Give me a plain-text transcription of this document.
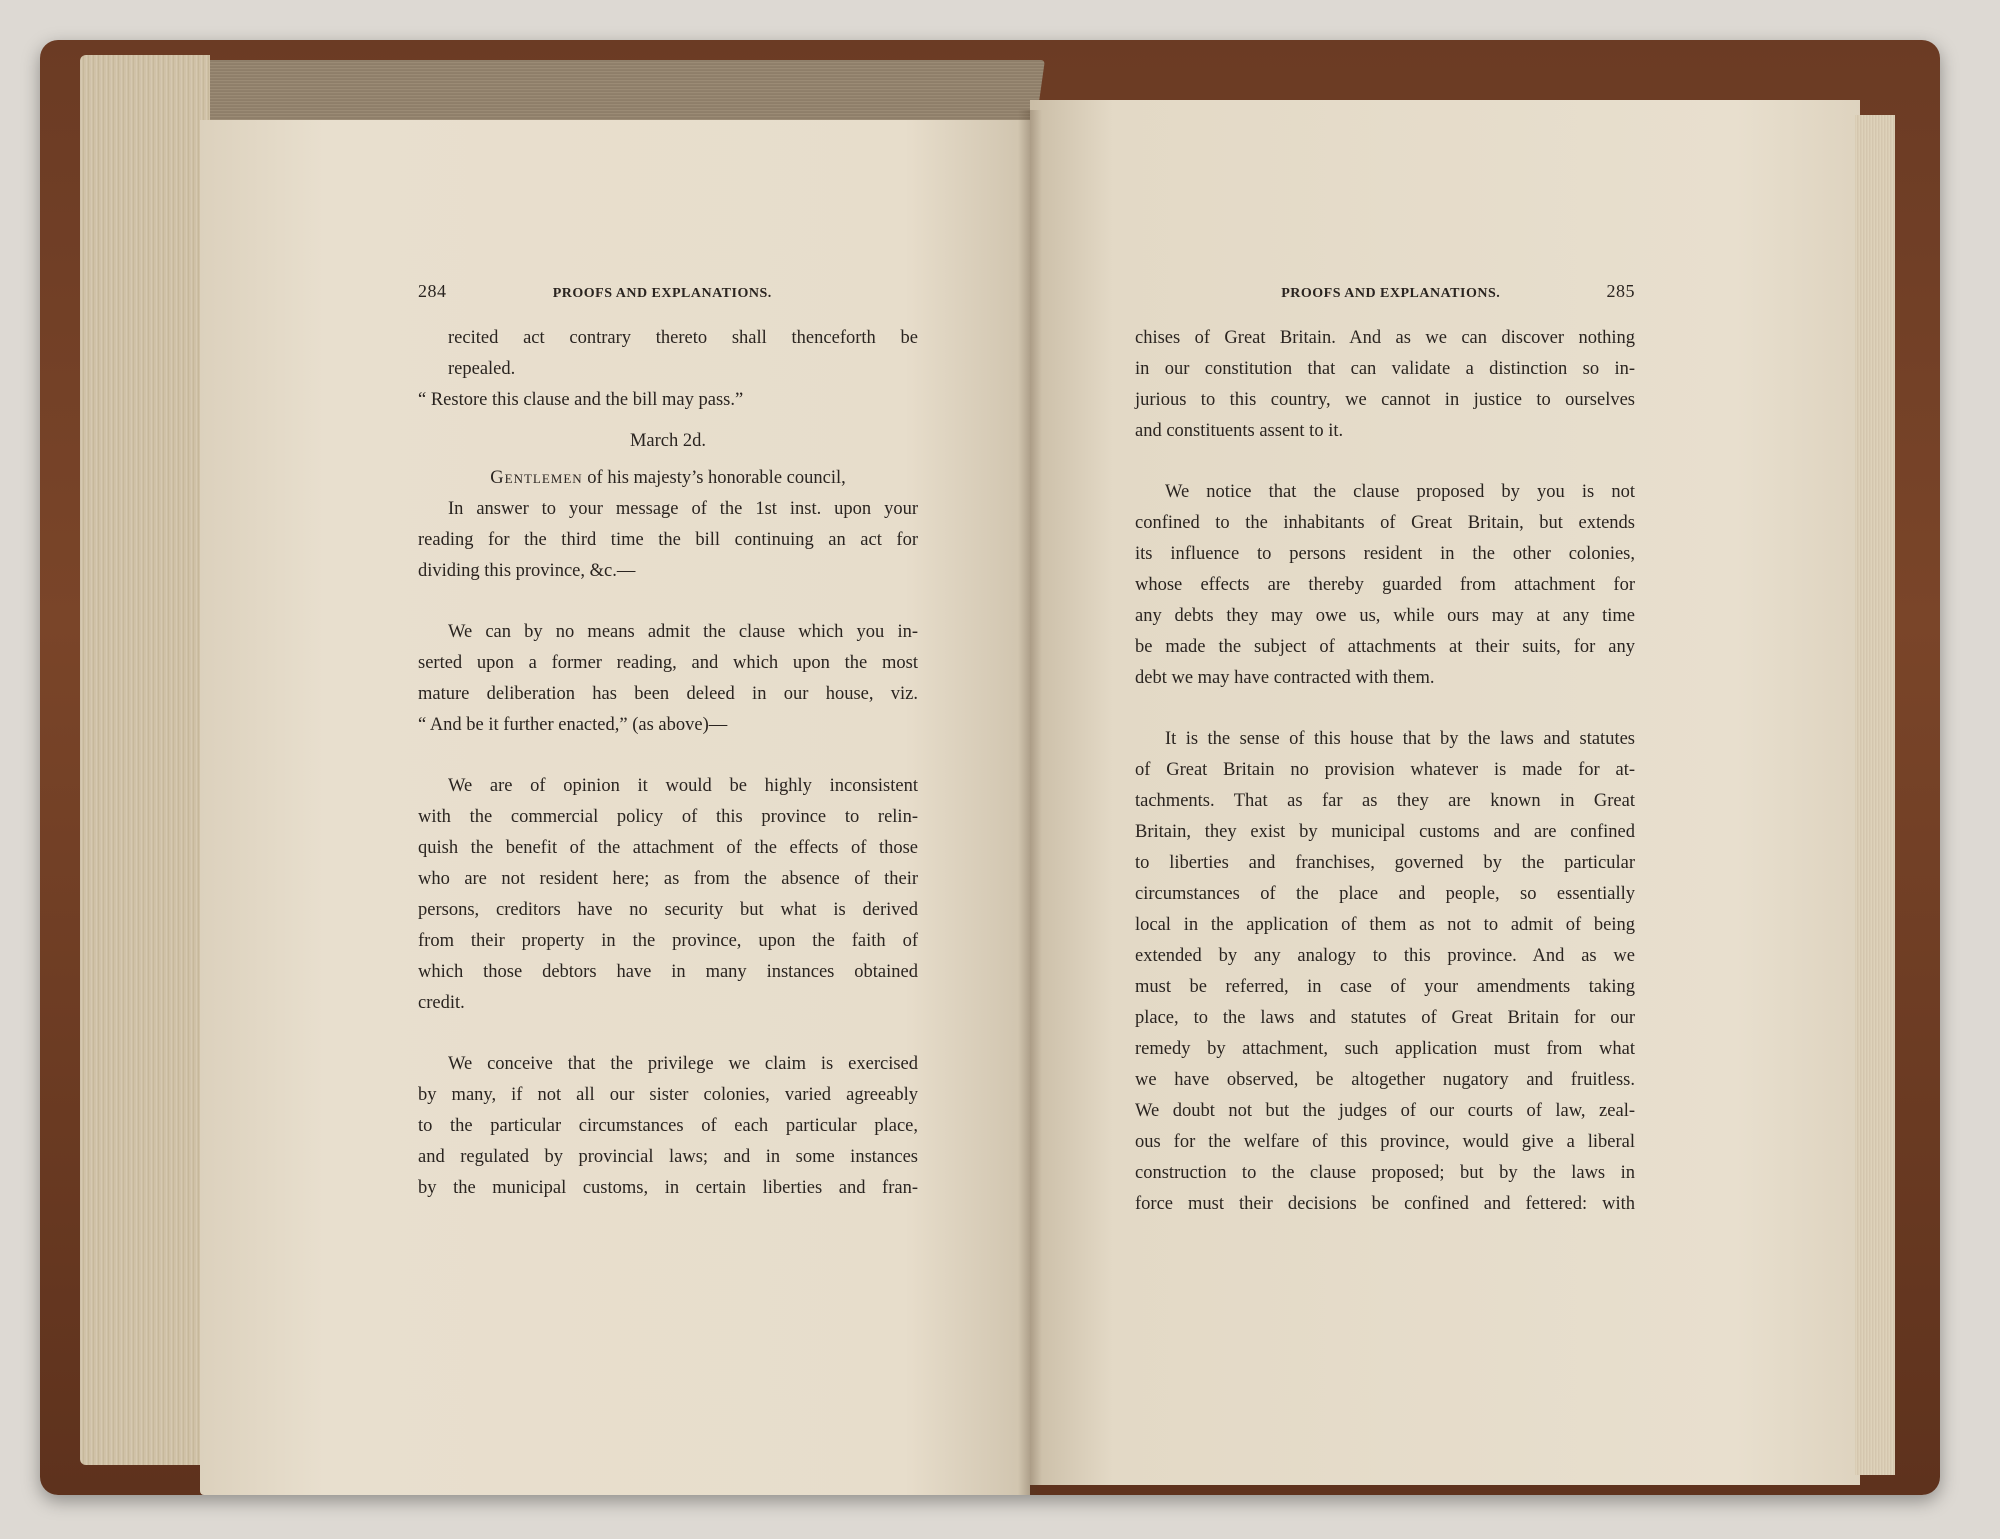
284	PROOFS AND EXPLANATIONS.
recited act contrary thereto shall thenceforth be
repealed.
“ Restore this clause and the bill may pass.”
March 2d.
Gentlemen of his majesty’s honorable council,
In answer to your message of the 1st inst. upon your
reading for the third time the bill continuing an act for
dividing this province, &c.—
We can by no means admit the clause which you in-
serted upon a former reading, and which upon the most
mature deliberation has been deleed in our house, viz.
“ And be it further enacted,” (as above)—
We are of opinion it would be highly inconsistent
with the commercial policy of this province to relin-
quish the benefit of the attachment of the effects of those
who are not resident here; as from the absence of their
persons, creditors have no security but what is derived
from their property in the province, upon the faith of
which those debtors have in many instances obtained
credit.
We conceive that the privilege we claim is exercised
by many, if not all our sister colonies, varied agreeably
to the particular circumstances of each particular place,
and regulated by provincial laws; and in some instances
by the municipal customs, in certain liberties and fran-
PROOFS AND EXPLANATIONS.	285
chises of Great Britain. And as we can discover nothing
in our constitution that can validate a distinction so in-
jurious to this country, we cannot in justice to ourselves
and constituents assent to it.
We notice that the clause proposed by you is not
confined to the inhabitants of Great Britain, but extends
its influence to persons resident in the other colonies,
whose effects are thereby guarded from attachment for
any debts they may owe us, while ours may at any time
be made the subject of attachments at their suits, for any
debt we may have contracted with them.
It is the sense of this house that by the laws and statutes
of Great Britain no provision whatever is made for at-
tachments. That as far as they are known in Great
Britain, they exist by municipal customs and are confined
to liberties and franchises, governed by the particular
circumstances of the place and people, so essentially
local in the application of them as not to admit of being
extended by any analogy to this province. And as we
must be referred, in case of your amendments taking
place, to the laws and statutes of Great Britain for our
remedy by attachment, such application must from what
we have observed, be altogether nugatory and fruitless.
We doubt not but the judges of our courts of law, zeal-
ous for the welfare of this province, would give a liberal
construction to the clause proposed; but by the laws in
force must their decisions be confined and fettered: with
